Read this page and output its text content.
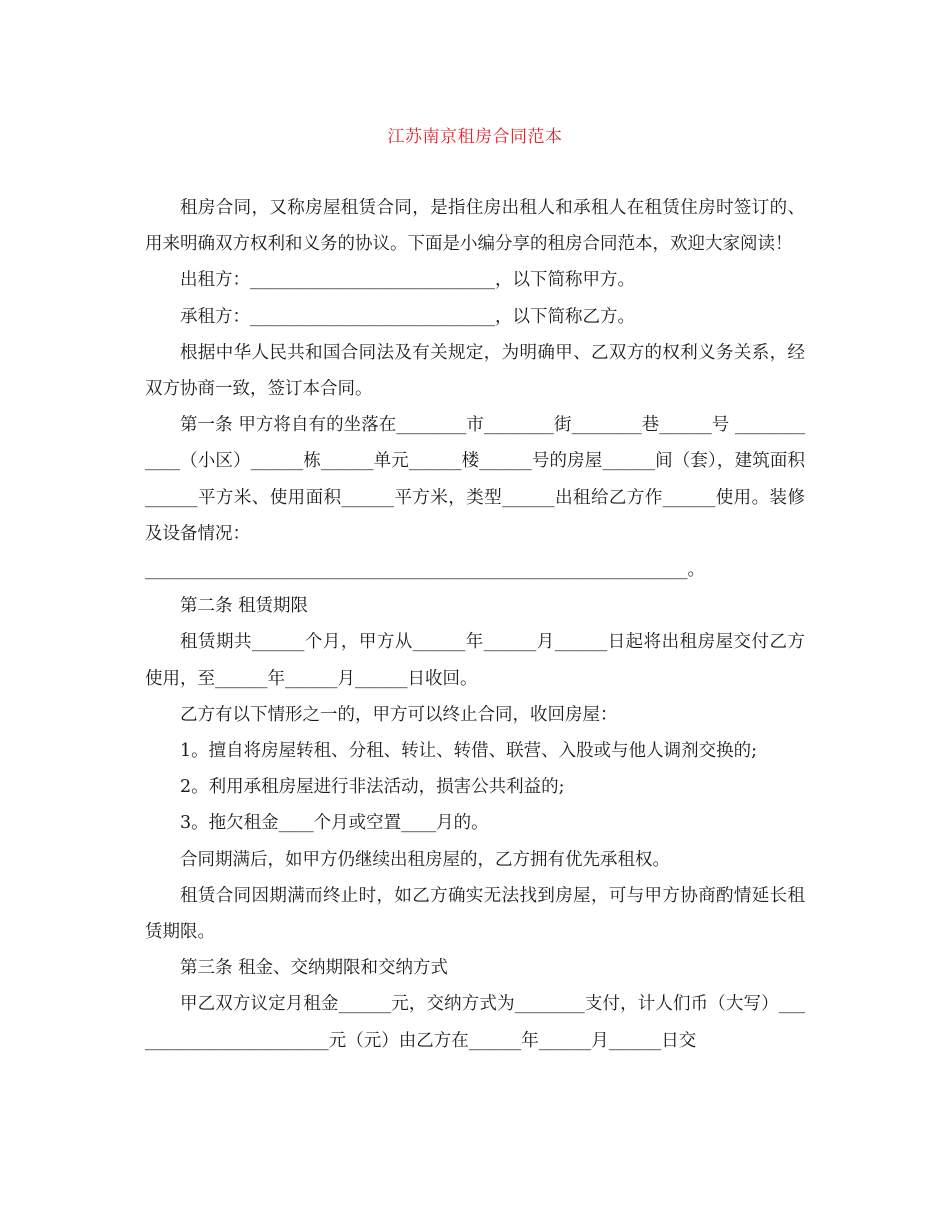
江苏南京租房合同范本

租房合同，又称房屋租赁合同，是指住房出租人和承租人在租赁住房时签订的、用来明确双方权利和义务的协议。下面是小编分享的租房合同范本，欢迎大家阅读！

出租方：____________________________，以下简称甲方。

承租方：____________________________，以下简称乙方。

根据中华人民共和国合同法及有关规定，为明确甲、乙双方的权利义务关系，经双方协商一致，签订本合同。

第一条 甲方将自有的坐落在________市________街________巷______号 ____________（小区）______栋______单元______楼______号的房屋______间（套），建筑面积______平方米、使用面积______平方米，类型______出租给乙方作______使用。装修及设备情况：

______________________________________________________________。

第二条 租赁期限

租赁期共______个月，甲方从______年______月______日起将出租房屋交付乙方使用，至______年______月______日收回。

乙方有以下情形之一的，甲方可以终止合同，收回房屋：

1。擅自将房屋转租、分租、转让、转借、联营、入股或与他人调剂交换的;

2。利用承租房屋进行非法活动，损害公共利益的;

3。拖欠租金____个月或空置____月的。

合同期满后，如甲方仍继续出租房屋的，乙方拥有优先承租权。

租赁合同因期满而终止时，如乙方确实无法找到房屋，可与甲方协商酌情延长租赁期限。

第三条 租金、交纳期限和交纳方式

甲乙双方议定月租金______元，交纳方式为________支付，计人们币（大写）________________________元（元）由乙方在______年______月______日交
